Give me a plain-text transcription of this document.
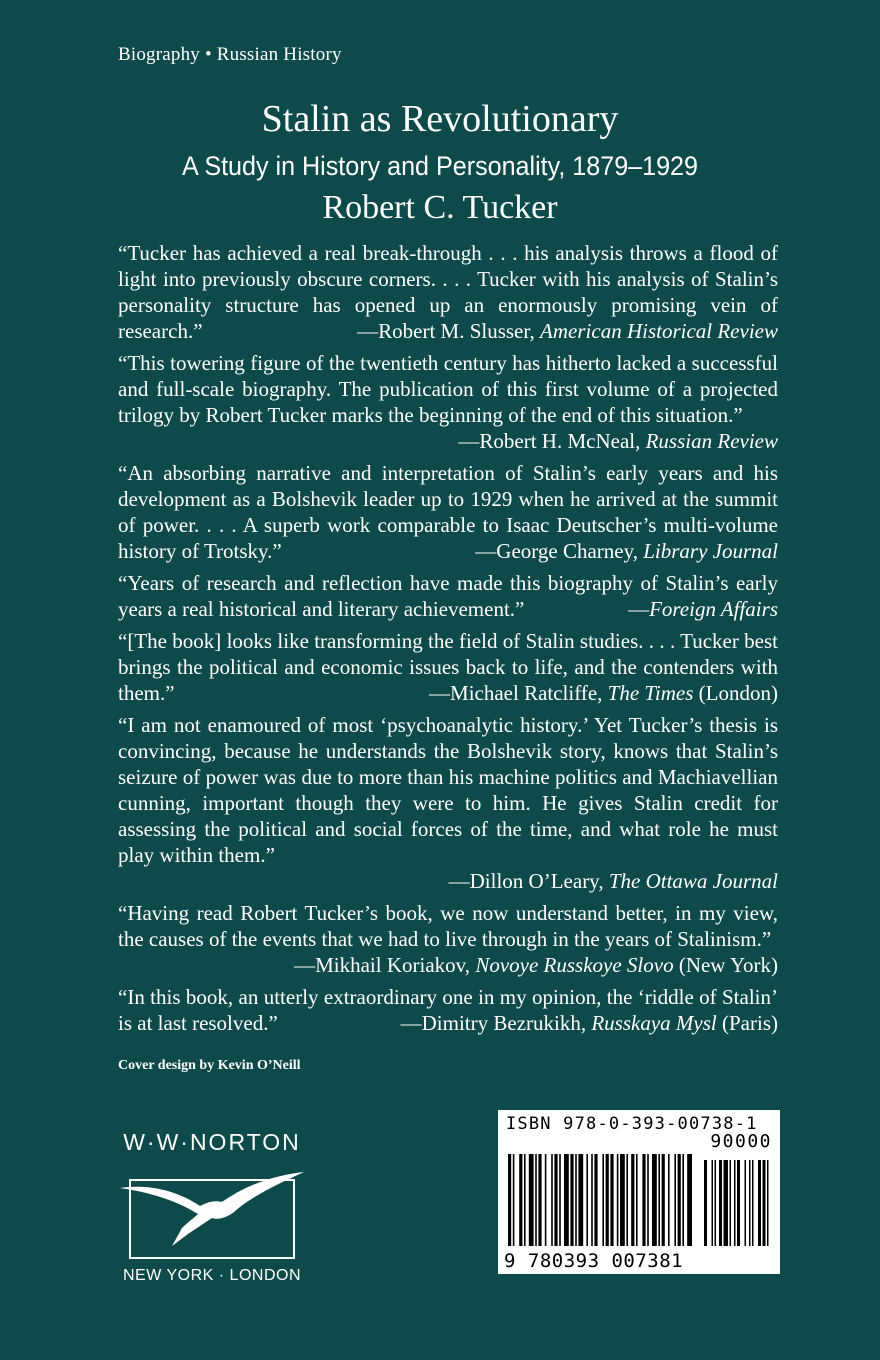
Biography • Russian History
Stalin as Revolutionary
A Study in History and Personality, 1879–1929
Robert C. Tucker

“Tucker has achieved a real break-through . . . his analysis throws a flood of light into previously obscure corners. . . . Tucker with his analysis of Stalin’s personality structure has opened up an enormously promising vein of research.”	—Robert M. Slusser, American Historical Review

“This towering figure of the twentieth century has hitherto lacked a successful and full-scale biography. The publication of this first volume of a projected trilogy by Robert Tucker marks the beginning of the end of this situation.”
—Robert H. McNeal, Russian Review

“An absorbing narrative and interpretation of Stalin’s early years and his development as a Bolshevik leader up to 1929 when he arrived at the summit of power. . . . A superb work comparable to Isaac Deutscher’s multi-volume history of Trotsky.”	—George Charney, Library Journal

“Years of research and reflection have made this biography of Stalin’s early years a real historical and literary achievement.”	—Foreign Affairs

“[The book] looks like transforming the field of Stalin studies. . . . Tucker best brings the political and economic issues back to life, and the contenders with them.”	—Michael Ratcliffe, The Times (London)

“I am not enamoured of most ‘psychoanalytic history.’ Yet Tucker’s thesis is convincing, because he understands the Bolshevik story, knows that Stalin’s seizure of power was due to more than his machine politics and Machiavellian cunning, important though they were to him. He gives Stalin credit for assessing the political and social forces of the time, and what role he must play within them.”
—Dillon O’Leary, The Ottawa Journal

“Having read Robert Tucker’s book, we now understand better, in my view, the causes of the events that we had to live through in the years of Stalinism.”
—Mikhail Koriakov, Novoye Russkoye Slovo (New York)

“In this book, an utterly extraordinary one in my opinion, the ‘riddle of Stalin’ is at last resolved.”	—Dimitry Bezrukikh, Russkaya Mysl (Paris)

Cover design by Kevin O’Neill
W·W·NORTON
NEW YORK · LONDON
ISBN 978-0-393-00738-1
90000
9 780393 007381
